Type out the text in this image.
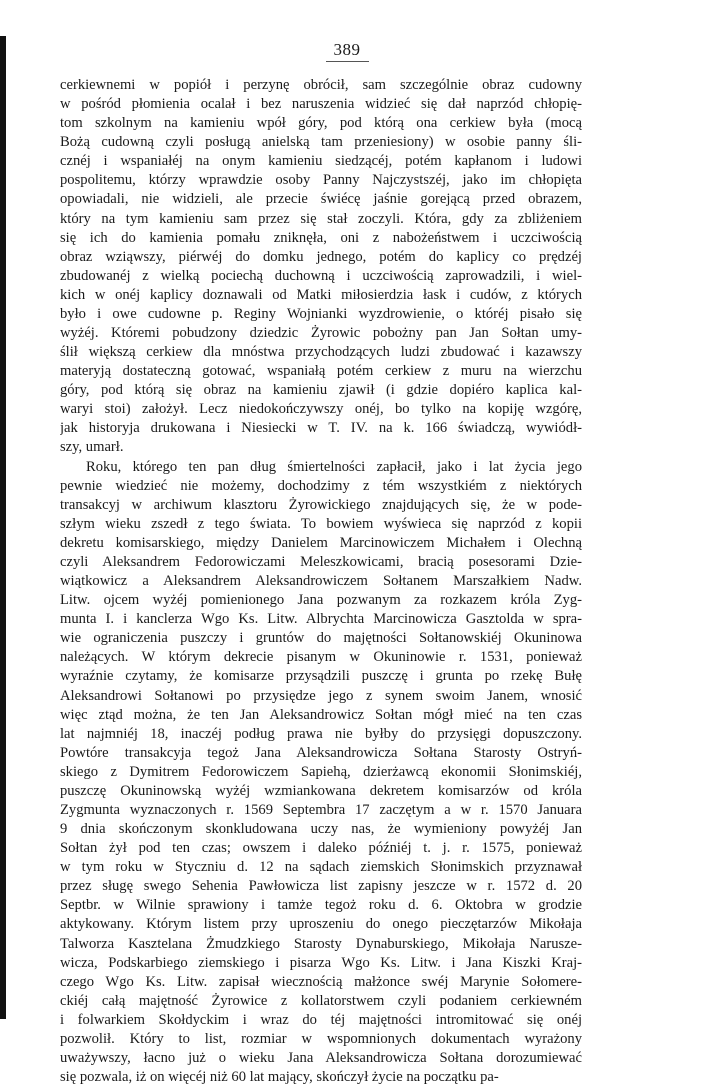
389
cerkiewnemi w popiół i perzynę obrócił, sam szczególnie obraz cudowny
w pośród płomienia ocalał i bez naruszenia widzieć się dał naprzód chłopię-
tom szkolnym na kamieniu wpół góry, pod którą ona cerkiew była (mocą
Bożą cudowną czyli posługą anielską tam przeniesiony) w osobie panny śli-
cznéj i wspaniałéj na onym kamieniu siedzącéj, potém kapłanom i ludowi
pospolitemu, którzy wprawdzie osoby Panny Najczystszéj, jako im chłopięta
opowiadali, nie widzieli, ale przecie świécę jaśnie gorejącą przed obrazem,
który na tym kamieniu sam przez się stał zoczyli. Która, gdy za zbliżeniem
się ich do kamienia pomału zniknęła, oni z nabożeństwem i uczciwością
obraz wziąwszy, piérwéj do domku jednego, potém do kaplicy co prędzéj
zbudowanéj z wielką pociechą duchowną i uczciwością zaprowadzili, i wiel-
kich w onéj kaplicy doznawali od Matki miłosierdzia łask i cudów, z których
było i owe cudowne p. Reginy Wojnianki wyzdrowienie, o któréj pisało się
wyżéj. Któremi pobudzony dziedzic Żyrowic pobożny pan Jan Sołtan umy-
ślił większą cerkiew dla mnóstwa przychodzących ludzi zbudować i kazawszy
materyją dostateczną gotować, wspaniałą potém cerkiew z muru na wierzchu
góry, pod którą się obraz na kamieniu zjawił (i gdzie dopiéro kaplica kal-
waryi stoi) założył. Lecz niedokończywszy onéj, bo tylko na kopiję wzgórę,
jak historyja drukowana i Niesiecki w T. IV. na k. 166 świadczą, wywiódł-
szy, umarł.
Roku, którego ten pan dług śmiertelności zapłacił, jako i lat życia jego
pewnie wiedzieć nie możemy, dochodzimy z tém wszystkiém z niektórych
transakcyj w archiwum klasztoru Żyrowickiego znajdujących się, że w pode-
szłym wieku zszedł z tego świata. To bowiem wyświeca się naprzód z kopii
dekretu komisarskiego, między Danielem Marcinowiczem Michałem i Olechną
czyli Aleksandrem Fedorowiczami Meleszkowicami, bracią posesorami Dzie-
wiątkowicz a Aleksandrem Aleksandrowiczem Sołtanem Marszałkiem Nadw.
Litw. ojcem wyżéj pomienionego Jana pozwanym za rozkazem króla Zyg-
munta I. i kanclerza Wgo Ks. Litw. Albrychta Marcinowicza Gasztolda w spra-
wie ograniczenia puszczy i gruntów do majętności Sołtanowskiéj Okuninowa
należących. W którym dekrecie pisanym w Okuninowie r. 1531, ponieważ
wyraźnie czytamy, że komisarze przysądzili puszczę i grunta po rzekę Bułę
Aleksandrowi Sołtanowi po przysiędze jego z synem swoim Janem, wnosić
więc ztąd można, że ten Jan Aleksandrowicz Sołtan mógł mieć na ten czas
lat najmniéj 18, inaczéj podług prawa nie byłby do przysięgi dopuszczony.
Powtóre transakcyja tegoż Jana Aleksandrowicza Sołtana Starosty Ostryń-
skiego z Dymitrem Fedorowiczem Sapiehą, dzierżawcą ekonomii Słonimskiéj,
puszczę Okuninowską wyżéj wzmiankowana dekretem komisarzów od króla
Zygmunta wyznaczonych r. 1569 Septembra 17 zaczętym a w r. 1570 Januara
9 dnia skończonym skonkludowana uczy nas, że wymieniony powyżéj Jan
Sołtan żył pod ten czas; owszem i daleko późniéj t. j. r. 1575, ponieważ
w tym roku w Styczniu d. 12 na sądach ziemskich Słonimskich przyznawał
przez sługę swego Sehenia Pawłowicza list zapisny jeszcze w r. 1572 d. 20
Septbr. w Wilnie sprawiony i tamże tegoż roku d. 6. Oktobra w grodzie
aktykowany. Którym listem przy uproszeniu do onego pieczętarzów Mikołaja
Talworza Kasztelana Żmudzkiego Starosty Dynaburskiego, Mikołaja Narusze-
wicza, Podskarbiego ziemskiego i pisarza Wgo Ks. Litw. i Jana Kiszki Kraj-
czego Wgo Ks. Litw. zapisał wiecznością małżonce swéj Marynie Sołomere-
ckiéj całą majętność Żyrowice z kollatorstwem czyli podaniem cerkiewném
i folwarkiem Skołdyckim i wraz do téj majętności intromitować się onéj
pozwolił. Który to list, rozmiar w wspomnionych dokumentach wyrażony
uważywszy, łacno już o wieku Jana Aleksandrowicza Sołtana dorozumiewać
się pozwala, iż on więcéj niż 60 lat mający, skończył życie na początku pa-
